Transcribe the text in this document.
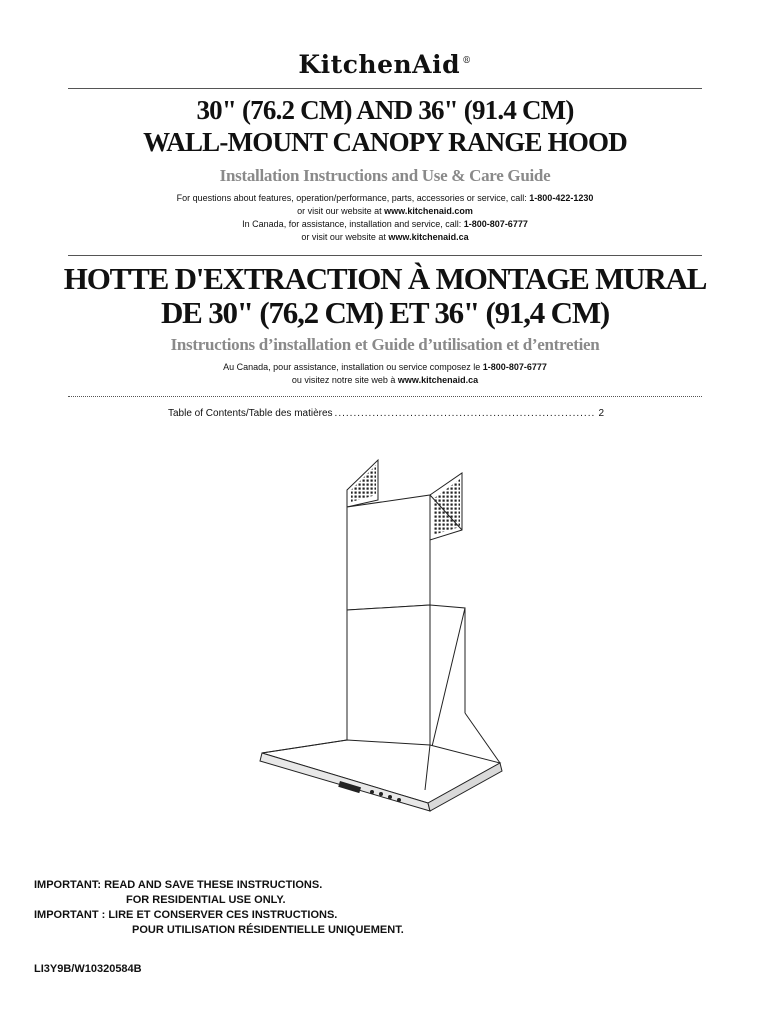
KitchenAid ®
30" (76.2 CM) AND 36" (91.4 CM)
WALL-MOUNT CANOPY RANGE HOOD
Installation Instructions and Use & Care Guide
For questions about features, operation/performance, parts, accessories or service, call: 1-800-422-1230
or visit our website at www.kitchenaid.com
In Canada, for assistance, installation and service, call: 1-800-807-6777
or visit our website at www.kitchenaid.ca
HOTTE D'EXTRACTION À MONTAGE MURAL
DE 30" (76,2 CM) ET 36" (91,4 CM)
Instructions d’installation et Guide d’utilisation et d’entretien
Au Canada, pour assistance, installation ou service composez le 1-800-807-6777
ou visitez notre site web à www.kitchenaid.ca
Table of Contents/Table des matières
.....	2
IMPORTANT: READ AND SAVE THESE INSTRUCTIONS.
FOR RESIDENTIAL USE ONLY.
IMPORTANT : LIRE ET CONSERVER CES INSTRUCTIONS.
POUR UTILISATION RÉSIDENTIELLE UNIQUEMENT.
LI3Y9B/W10320584B
